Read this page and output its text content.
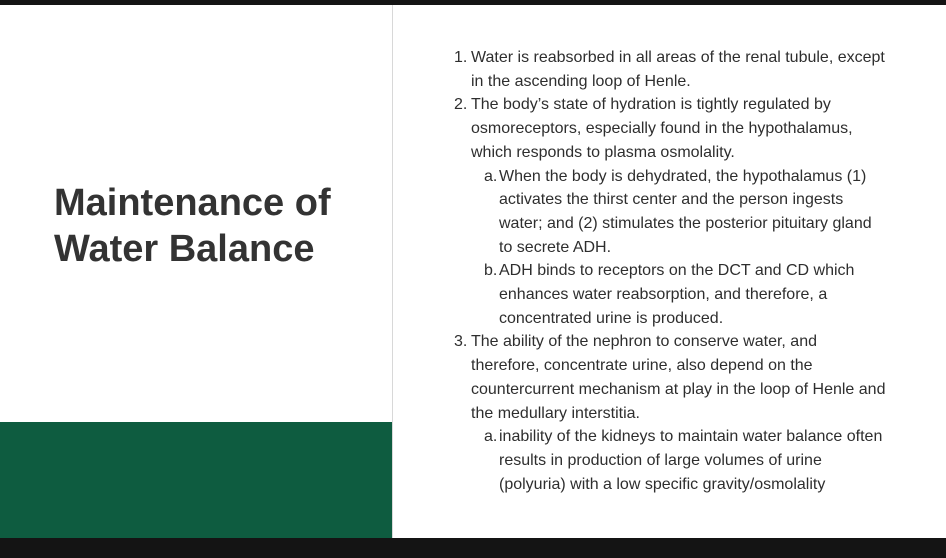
Maintenance of
Water Balance
1. Water is reabsorbed in all areas of the renal tubule, except
in the ascending loop of Henle.
2. The body’s state of hydration is tightly regulated by
osmoreceptors, especially found in the hypothalamus,
which responds to plasma osmolality.
a. When the body is dehydrated, the hypothalamus (1)
activates the thirst center and the person ingests
water; and (2) stimulates the posterior pituitary gland
to secrete ADH.
b. ADH binds to receptors on the DCT and CD which
enhances water reabsorption, and therefore, a
concentrated urine is produced.
3. The ability of the nephron to conserve water, and
therefore, concentrate urine, also depend on the
countercurrent mechanism at play in the loop of Henle and
the medullary interstitia.
a. inability of the kidneys to maintain water balance often
results in production of large volumes of urine
(polyuria) with a low specific gravity/osmolality
